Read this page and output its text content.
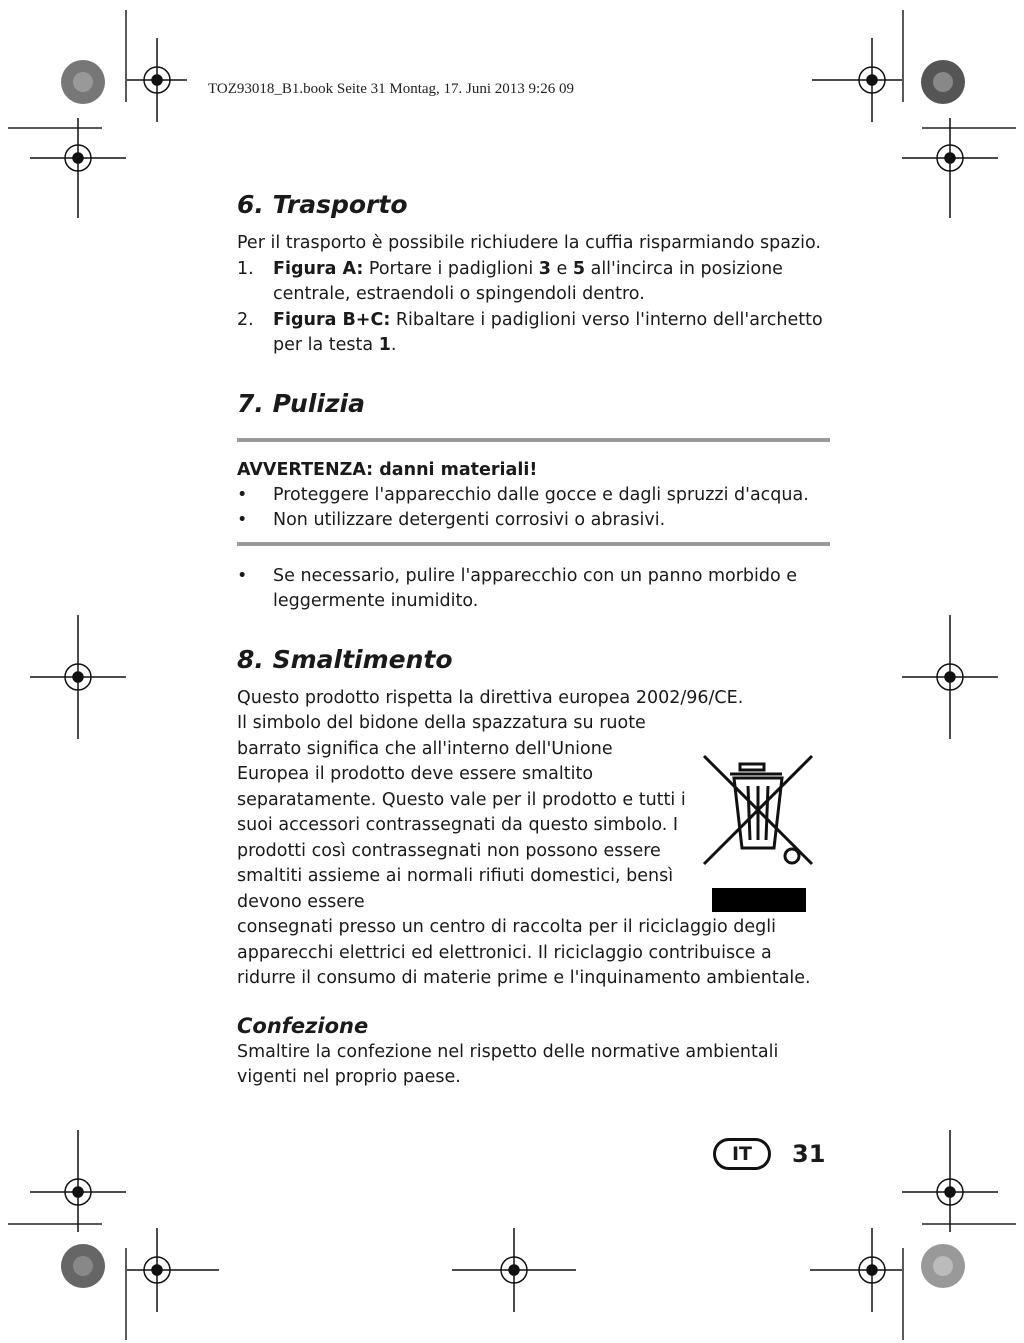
TOZ93018_B1.book Seite 31 Montag, 17. Juni 2013 9:26 09
6. Trasporto

Per il trasporto è possibile richiudere la cuffia risparmiando spazio.

1. Figura A: Portare i padiglioni 3 e 5 all'incirca in posizione centrale, estraendoli o spingendoli dentro.
2. Figura B+C: Ribaltare i padiglioni verso l'interno dell'archetto per la testa 1.
7. Pulizia
AVVERTENZA: danni materiali!
• Proteggere l'apparecchio dalle gocce e dagli spruzzi d'acqua.
• Non utilizzare detergenti corrosivi o abrasivi.
• Se necessario, pulire l'apparecchio con un panno morbido e leggermente inumidito.
8. Smaltimento

Questo prodotto rispetta la direttiva europea 2002/96/CE.

Il simbolo del bidone della spazzatura su ruote barrato significa che all'interno dell'Unione Europea il prodotto deve essere smaltito separatamente. Questo vale per il prodotto e tutti i suoi accessori contrassegnati da questo simbolo. I prodotti così contrassegnati non possono essere smaltiti assieme ai normali rifiuti domestici, bensì devono essere

consegnati presso un centro di raccolta per il riciclaggio degli apparecchi elettrici ed elettronici. Il riciclaggio contribuisce a ridurre il consumo di materie prime e l'inquinamento ambientale.

Confezione

Smaltire la confezione nel rispetto delle normative ambientali vigenti nel proprio paese.

IT	31
